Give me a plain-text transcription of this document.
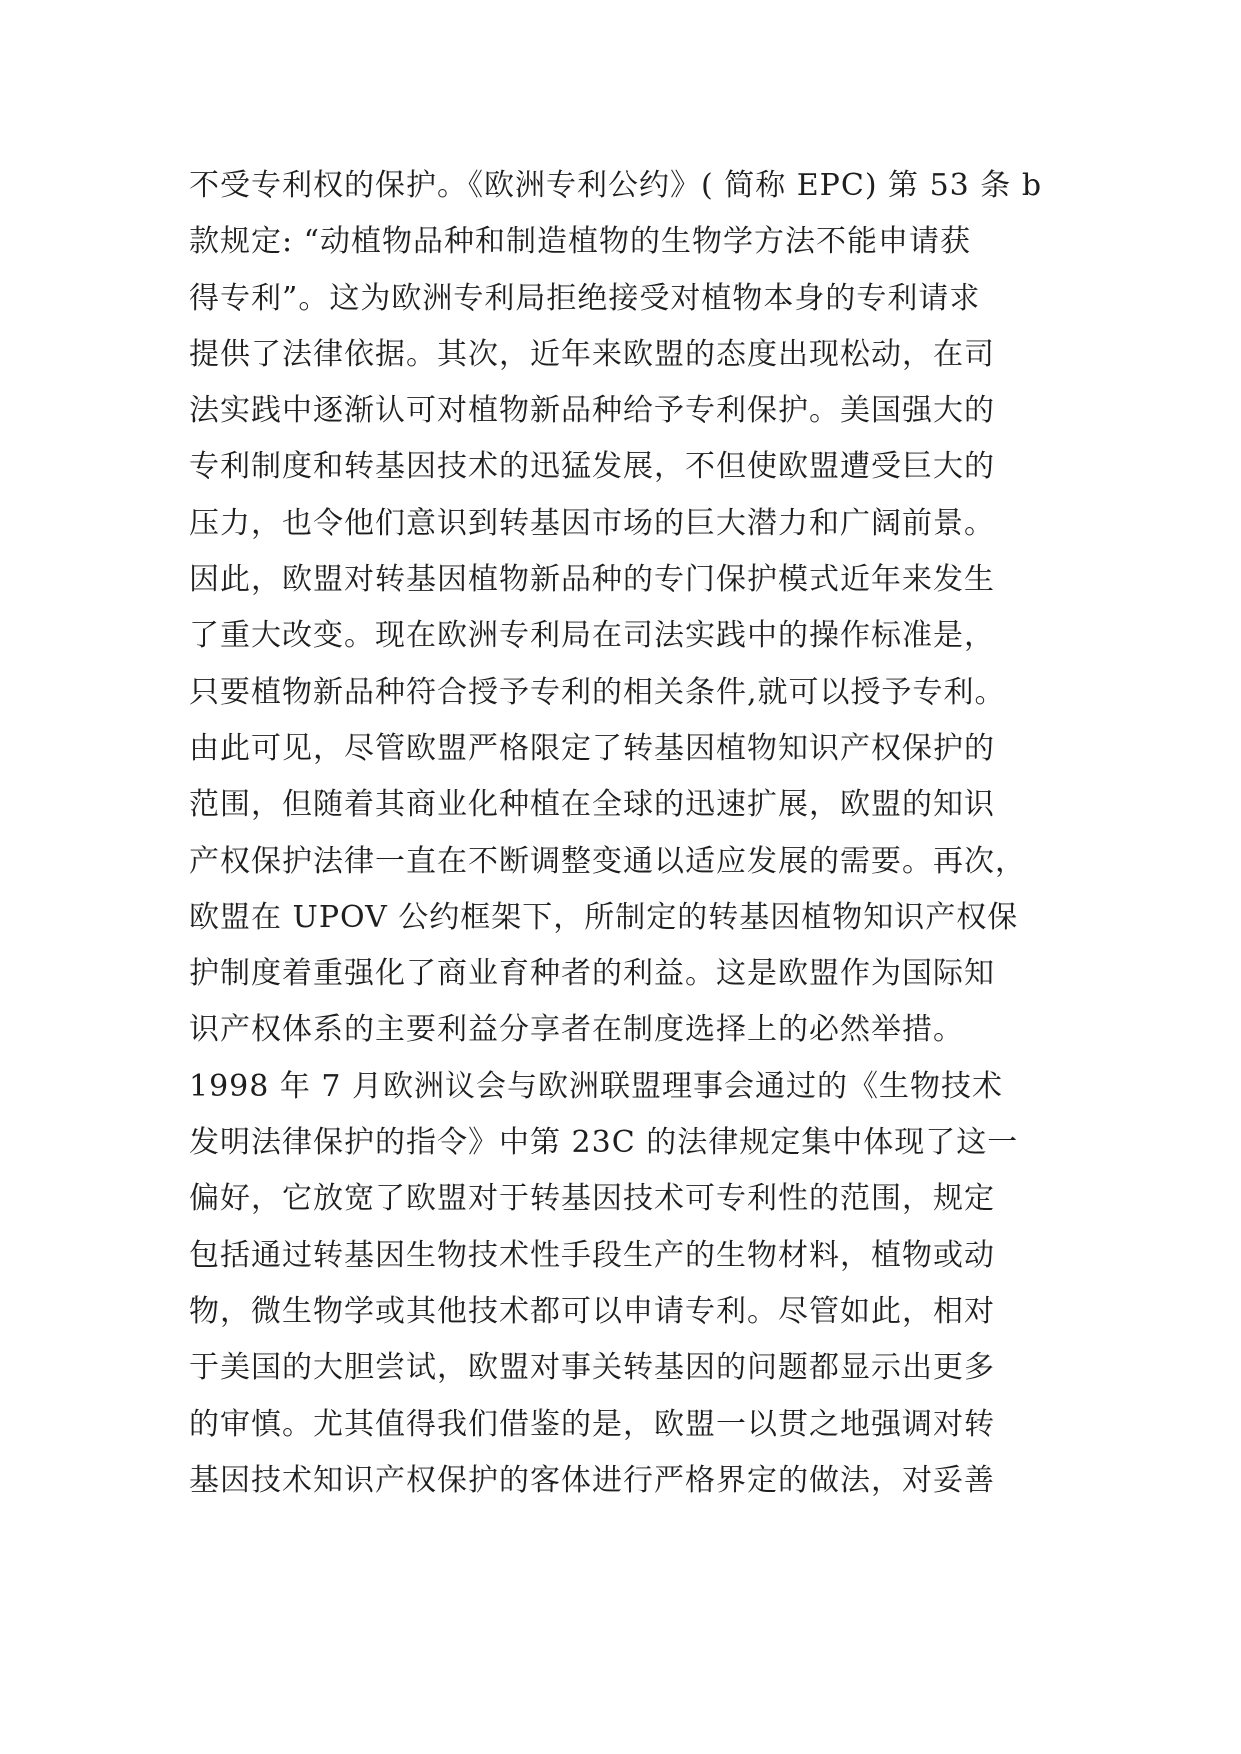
不受专利权的保护。《欧洲专利公约》( 简称 EPC) 第 53 条 b
款规定: “动植物品种和制造植物的生物学方法不能申请获
得专利”。这为欧洲专利局拒绝接受对植物本身的专利请求
提供了法律依据。其次，近年来欧盟的态度出现松动，在司
法实践中逐渐认可对植物新品种给予专利保护。美国强大的
专利制度和转基因技术的迅猛发展，不但使欧盟遭受巨大的
压力，也令他们意识到转基因市场的巨大潜力和广阔前景。
因此，欧盟对转基因植物新品种的专门保护模式近年来发生
了重大改变。现在欧洲专利局在司法实践中的操作标准是，
只要植物新品种符合授予专利的相关条件,就可以授予专利。
由此可见，尽管欧盟严格限定了转基因植物知识产权保护的
范围，但随着其商业化种植在全球的迅速扩展，欧盟的知识
产权保护法律一直在不断调整变通以适应发展的需要。再次，
欧盟在 UPOV 公约框架下，所制定的转基因植物知识产权保
护制度着重强化了商业育种者的利益。这是欧盟作为国际知
识产权体系的主要利益分享者在制度选择上的必然举措。
1998 年 7 月欧洲议会与欧洲联盟理事会通过的《生物技术
发明法律保护的指令》中第 23C 的法律规定集中体现了这一
偏好，它放宽了欧盟对于转基因技术可专利性的范围，规定
包括通过转基因生物技术性手段生产的生物材料，植物或动
物，微生物学或其他技术都可以申请专利。尽管如此，相对
于美国的大胆尝试，欧盟对事关转基因的问题都显示出更多
的审慎。尤其值得我们借鉴的是，欧盟一以贯之地强调对转
基因技术知识产权保护的客体进行严格界定的做法，对妥善
